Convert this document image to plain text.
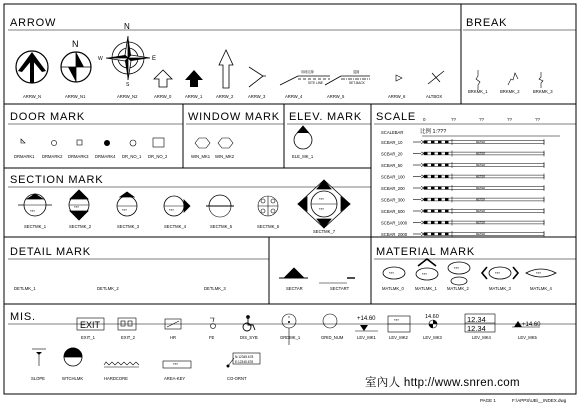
ARROW	BREAK
DOOR MARK	WINDOW MARK ELEV. MARK SCALE
SECTION MARK
DETAIL MARK	MATERIAL MARK
MIS.
N
N
E
W
S
用地紅線
SITE LINE
退縮
SET-BACK
ARRW_N	ARRW_N1	ARRW_N2	ARRW_0	ARRW_1	ARRW_2	ARRW_3	ARRW_4	ARRW_5	ARRW_6	ALTBOX
BRKMK_1	BRKMK_2	BRKMK_3
DRMARK1 DRMARK2 DRMARK3 DRMARK4 DR_NO_1 DR_NO_2	WIN_MK1 WIN_MK2	ELE_MK_1
SCALEBAR	比例 1:???
0	??	??	??	??
SCBAR_10	METER
SCBAR_20	METER
SCBAR_50	METER
SCBAR_100	METER
SCBAR_200	METER
SCBAR_300	METER
SCBAR_500	METER
SCBAR_1000	METER
SCBAR_2000	METER
***
***
***	***
***
***
SECTMK_1	SECTMK_2	SECTMK_3	SECTMK_4	SECTMK_5	SECTMK_6
SECTMK_7
DETLMK_1	DETLMK_2	DETLMK_3	SECTAR	SECTART
***	***
***
***	***
MATLMK_0	MATLMK_1 MATLMK_2	MATLMK_3	MATLMK_4
EXIT
+14.60	***
14.60	12.34
12.34	+14.60
EXIT_1	EXIT_2	HR	FE	DIS_SYB	GRDMK_1	GRID_NUM	LEV_MK1	LEV_MK2	LEV_MK3	LEV_MK4	LEV_MK5
***
N:12345.678
E:12345.678
SLOPE	WTCHLMK	HARDCORE	AREA-KEY	CO-ORNT	室內人 http://www.snren.com
PAGE 1	F:\APPS\UB\__INDEX.dwg
